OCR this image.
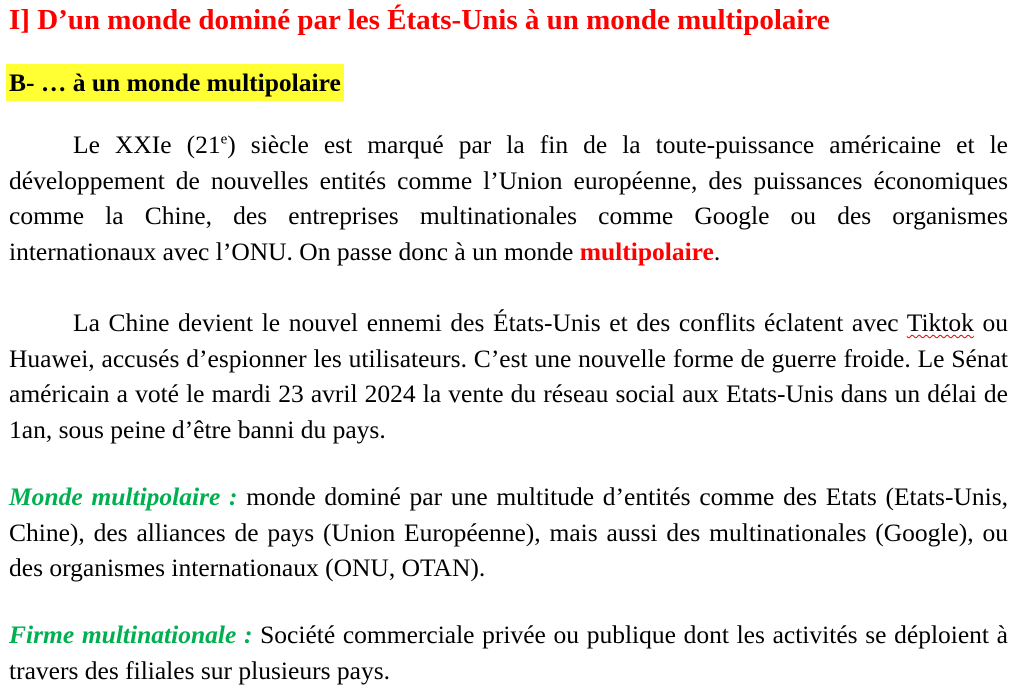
I] D’un monde dominé par les États-Unis à un monde multipolaire
B- … à un monde multipolaire

Le XXIe (21e) siècle est marqué par la fin de la toute-puissance américaine et le développement de nouvelles entités comme l’Union européenne, des puissances économiques comme la Chine, des entreprises multinationales comme Google ou des organismes internationaux avec l’ONU. On passe donc à un monde multipolaire.

La Chine devient le nouvel ennemi des États-Unis et des conflits éclatent avec Tiktok ou Huawei, accusés d’espionner les utilisateurs. C’est une nouvelle forme de guerre froide. Le Sénat américain a voté le mardi 23 avril 2024 la vente du réseau social aux Etats-Unis dans un délai de 1an, sous peine d’être banni du pays.

Monde multipolaire : monde dominé par une multitude d’entités comme des Etats (Etats-Unis, Chine), des alliances de pays (Union Européenne), mais aussi des multinationales (Google), ou des organismes internationaux (ONU, OTAN).

Firme multinationale : Société commerciale privée ou publique dont les activités se déploient à travers des filiales sur plusieurs pays.
